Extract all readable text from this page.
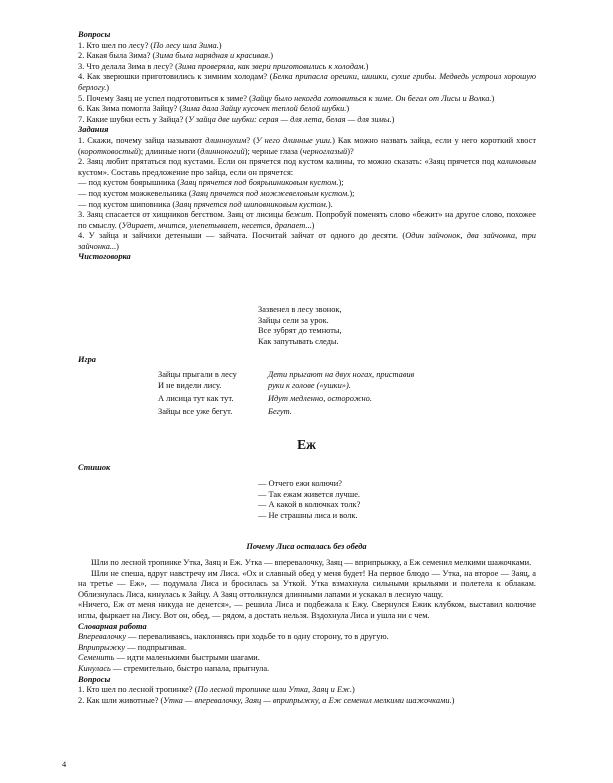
Вопросы

1. Кто шел по лесу? (По лесу шла Зима.)

2. Какая была Зима? (Зима была нарядная и красивая.)

3. Что делала Зима в лесу? (Зима проверяла, как звери приготовились к холодам.)

4. Как зверюшки приготовились к зимним холодам? (Белка припасла орешки, шишки, сухие грибы. Медведь устроил хорошую берлогу.)

5. Почему Заяц не успел подготовиться к зиме? (Зайцу было некогда готовиться к зиме. Он бегал от Лисы и Волка.)

6. Как Зима помогла Зайцу? (Зима дала Зайцу кусочек теплой белой шубки.)

7. Какие шубки есть у Зайца? (У зайца две шубки: серая — для лета, белая — для зимы.)

Задания

1. Скажи, почему зайца называют длинноухим? (У него длинные уши.) Как можно назвать зайца, если у него короткий хвост (коротковостый); длинные ноги (длинноногий); черные глаза (черноглазый)?

2. Заяц любит прятаться под кустами. Если он прячется под кустом калины, то можно сказать: «Заяц прячется под калиновым кустом». Составь предложение про зайца, если он прячется:

— под кустом боярышника (Заяц прячется под боярышниковым кустом.);

— под кустом можжевельника (Заяц прячется под можжевеловым кустом.);

— под кустом шиповника (Заяц прячется под шиповниковым кустом.).

3. Заяц спасается от хищников бегством. Заяц от лисицы бежит. Попробуй поменять слово «бежит» на другое слово, похожее по смыслу. (Удирает, мчится, улепетывает, несется, драпает...)

4. У зайца и зайчихи детеныши — зайчата. Посчитай зайчат от одного до десяти. (Один зайчонок, два зайчонка, три зайчонка...)

Чистоговорка
Зазвенел в лесу звонок,
Зайцы сели за урок.
Все зубрят до темноты,
Как запутывать следы.
Игра
Зайцы прыгали в лесу	Дети прыгают на двух ногах, приставив
И не видели лису.	руки к голове («ушки»).
А лисица тут как тут.	Идут медленно, осторожно.
Зайцы все уже бегут.	Бегут.
Еж
Стишок
— Отчего ежи колючи?
— Так ежам живется лучше.
— А какой в колючках толк?
— Не страшны лиса и волк.
Почему Лиса осталась без обеда

Шли по лесной тропинке Утка, Заяц и Еж. Утка — вперевалочку, Заяц — вприпрыжку, а Еж семенил мелкими шажочками.

Шли не спеша, вдруг навстречу им Лиса. «Ох и славный обед у меня будет! На первое блюдо — Утка, на второе — Заяц, а на третье — Еж», — подумала Лиса и бросилась за Уткой. Утка взмахнула сильными крыльями и полетела к облакам. Облизнулась Лиса, кинулась к Зайцу. А Заяц оттолкнулся длинными лапами и ускакал в лесную чащу.

«Ничего, Еж от меня никуда не денется», — решила Лиса и подбежала к Ежу. Свернулся Ежик клубком, выставил колючие иглы, фыркает на Лису. Вот он, обед, — рядом, а достать нельзя. Вздохнула Лиса и ушла ни с чем.

Словарная работа

Вперевалочку — переваливаясь, наклоняясь при ходьбе то в одну сторону, то в другую.

Вприпрыжку — подпрыгивая.

Семенить — идти маленькими быстрыми шагами.

Кинулась — стремительно, быстро напала, прыгнула.

Вопросы

1. Кто шел по лесной тропинке? (По лесной тропинке шли Утка, Заяц и Еж.)

2. Как шли животные? (Утка — вперевалочку, Заяц — вприпрыжку, а Еж семенил мелкими шажочками.)

4
